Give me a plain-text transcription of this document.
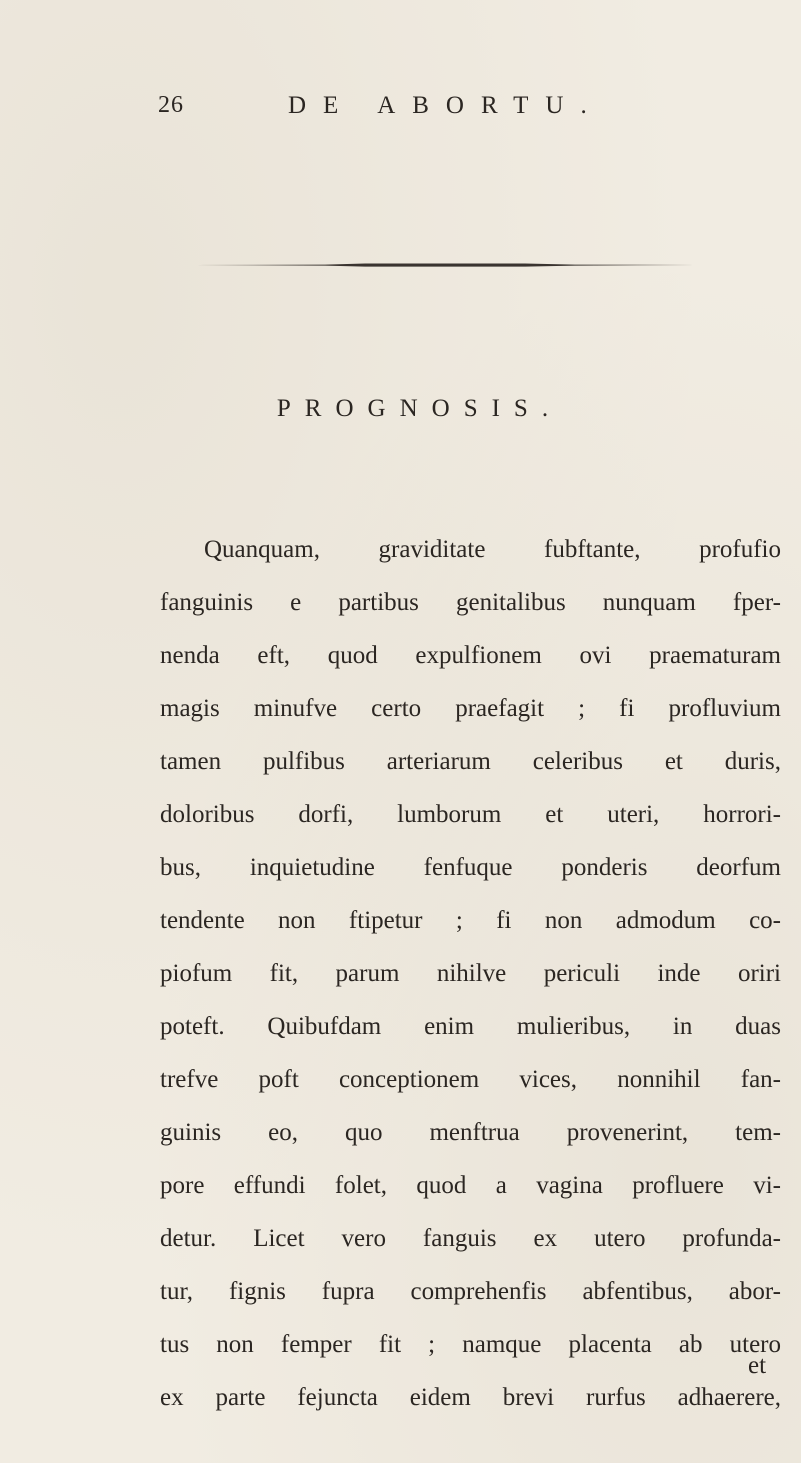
26	DE ABORTU.
PROGNOSIS.
Quanquam, graviditate fubftante, profufio
fanguinis e partibus genitalibus nunquam fper-
nenda eft, quod expulfionem ovi praematuram
magis minufve certo praefagit ; fi profluvium
tamen pulfibus arteriarum celeribus et duris,
doloribus dorfi, lumborum et uteri, horrori-
bus, inquietudine fenfuque ponderis deorfum
tendente non ftipetur ; fi non admodum co-
piofum fit, parum nihilve periculi inde oriri
poteft. Quibufdam enim mulieribus, in duas
trefve poft conceptionem vices, nonnihil fan-
guinis eo, quo menftrua provenerint, tem-
pore effundi folet, quod a vagina profluere vi-
detur. Licet vero fanguis ex utero profunda-
tur, fignis fupra comprehenfis abfentibus, abor-
tus non femper fit ; namque placenta ab utero
ex parte fejuncta eidem brevi rurfus adhaerere,
et
